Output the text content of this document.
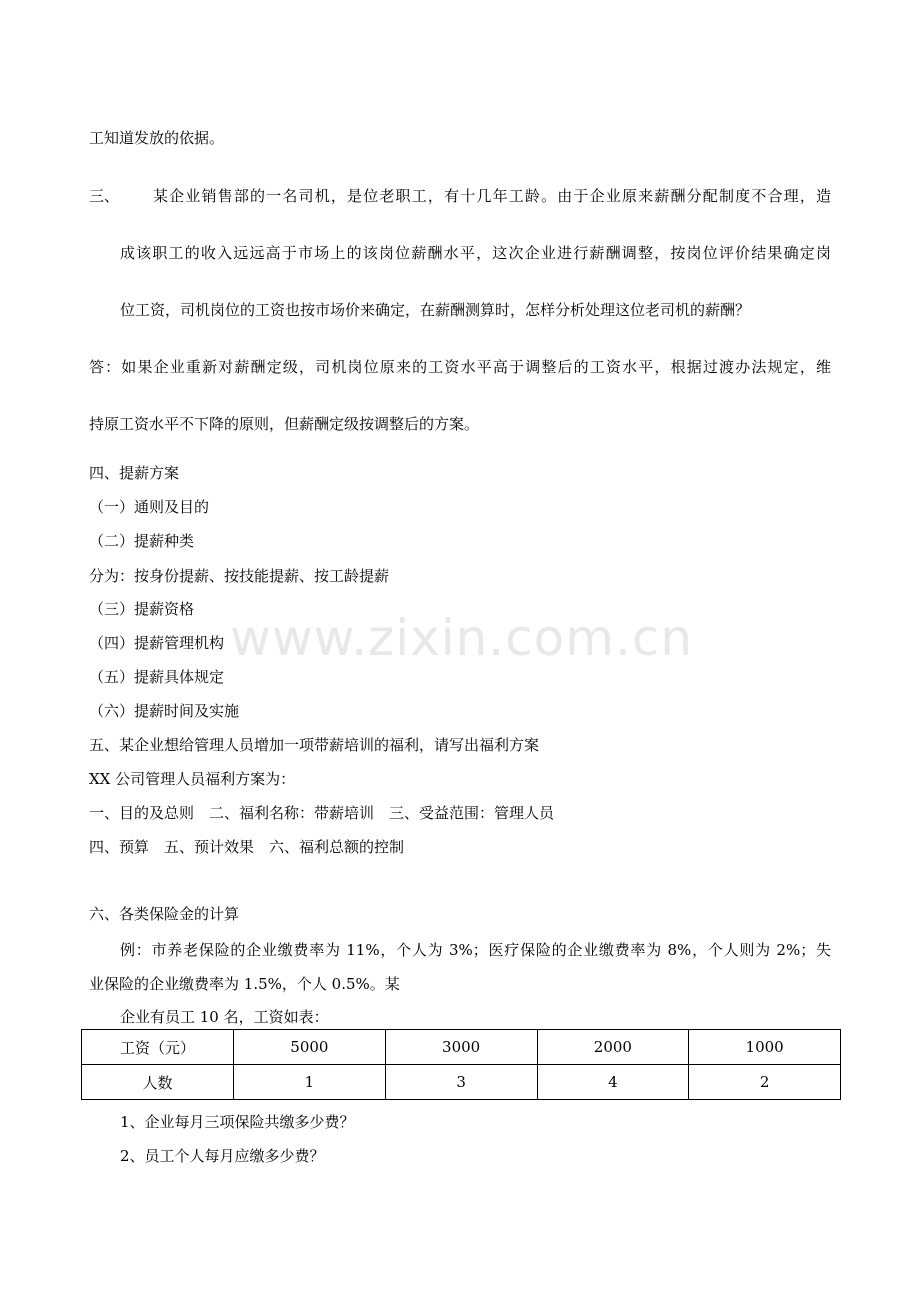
www.zixin.com.cn
工知道发放的依据。
三、 某企业销售部的一名司机，是位老职工，有十几年工龄。由于企业原来薪酬分配制度不合理，造
成该职工的收入远远高于市场上的该岗位薪酬水平，这次企业进行薪酬调整，按岗位评价结果确定岗
位工资，司机岗位的工资也按市场价来确定，在薪酬测算时，怎样分析处理这位老司机的薪酬？
答：如果企业重新对薪酬定级，司机岗位原来的工资水平高于调整后的工资水平，根据过渡办法规定，维
持原工资水平不下降的原则，但薪酬定级按调整后的方案。
四、提薪方案
（一）通则及目的
（二）提薪种类
分为：按身份提薪、按技能提薪、按工龄提薪
（三）提薪资格
（四）提薪管理机构
（五）提薪具体规定
（六）提薪时间及实施
五、某企业想给管理人员增加一项带薪培训的福利，请写出福利方案
XX 公司管理人员福利方案为：
一、目的及总则　二、福利名称：带薪培训　三、受益范围：管理人员
四、预算　五、预计效果　六、福利总额的控制
六、各类保险金的计算
例：市养老保险的企业缴费率为 11%，个人为 3%；医疗保险的企业缴费率为 8%，个人则为 2%；失
业保险的企业缴费率为 1.5%，个人 0.5%。某
企业有员工 10 名，工资如表：
工资（元）	5000	3000	2000	1000
人数	1	3	4	2
1、企业每月三项保险共缴多少费？
2、员工个人每月应缴多少费？
